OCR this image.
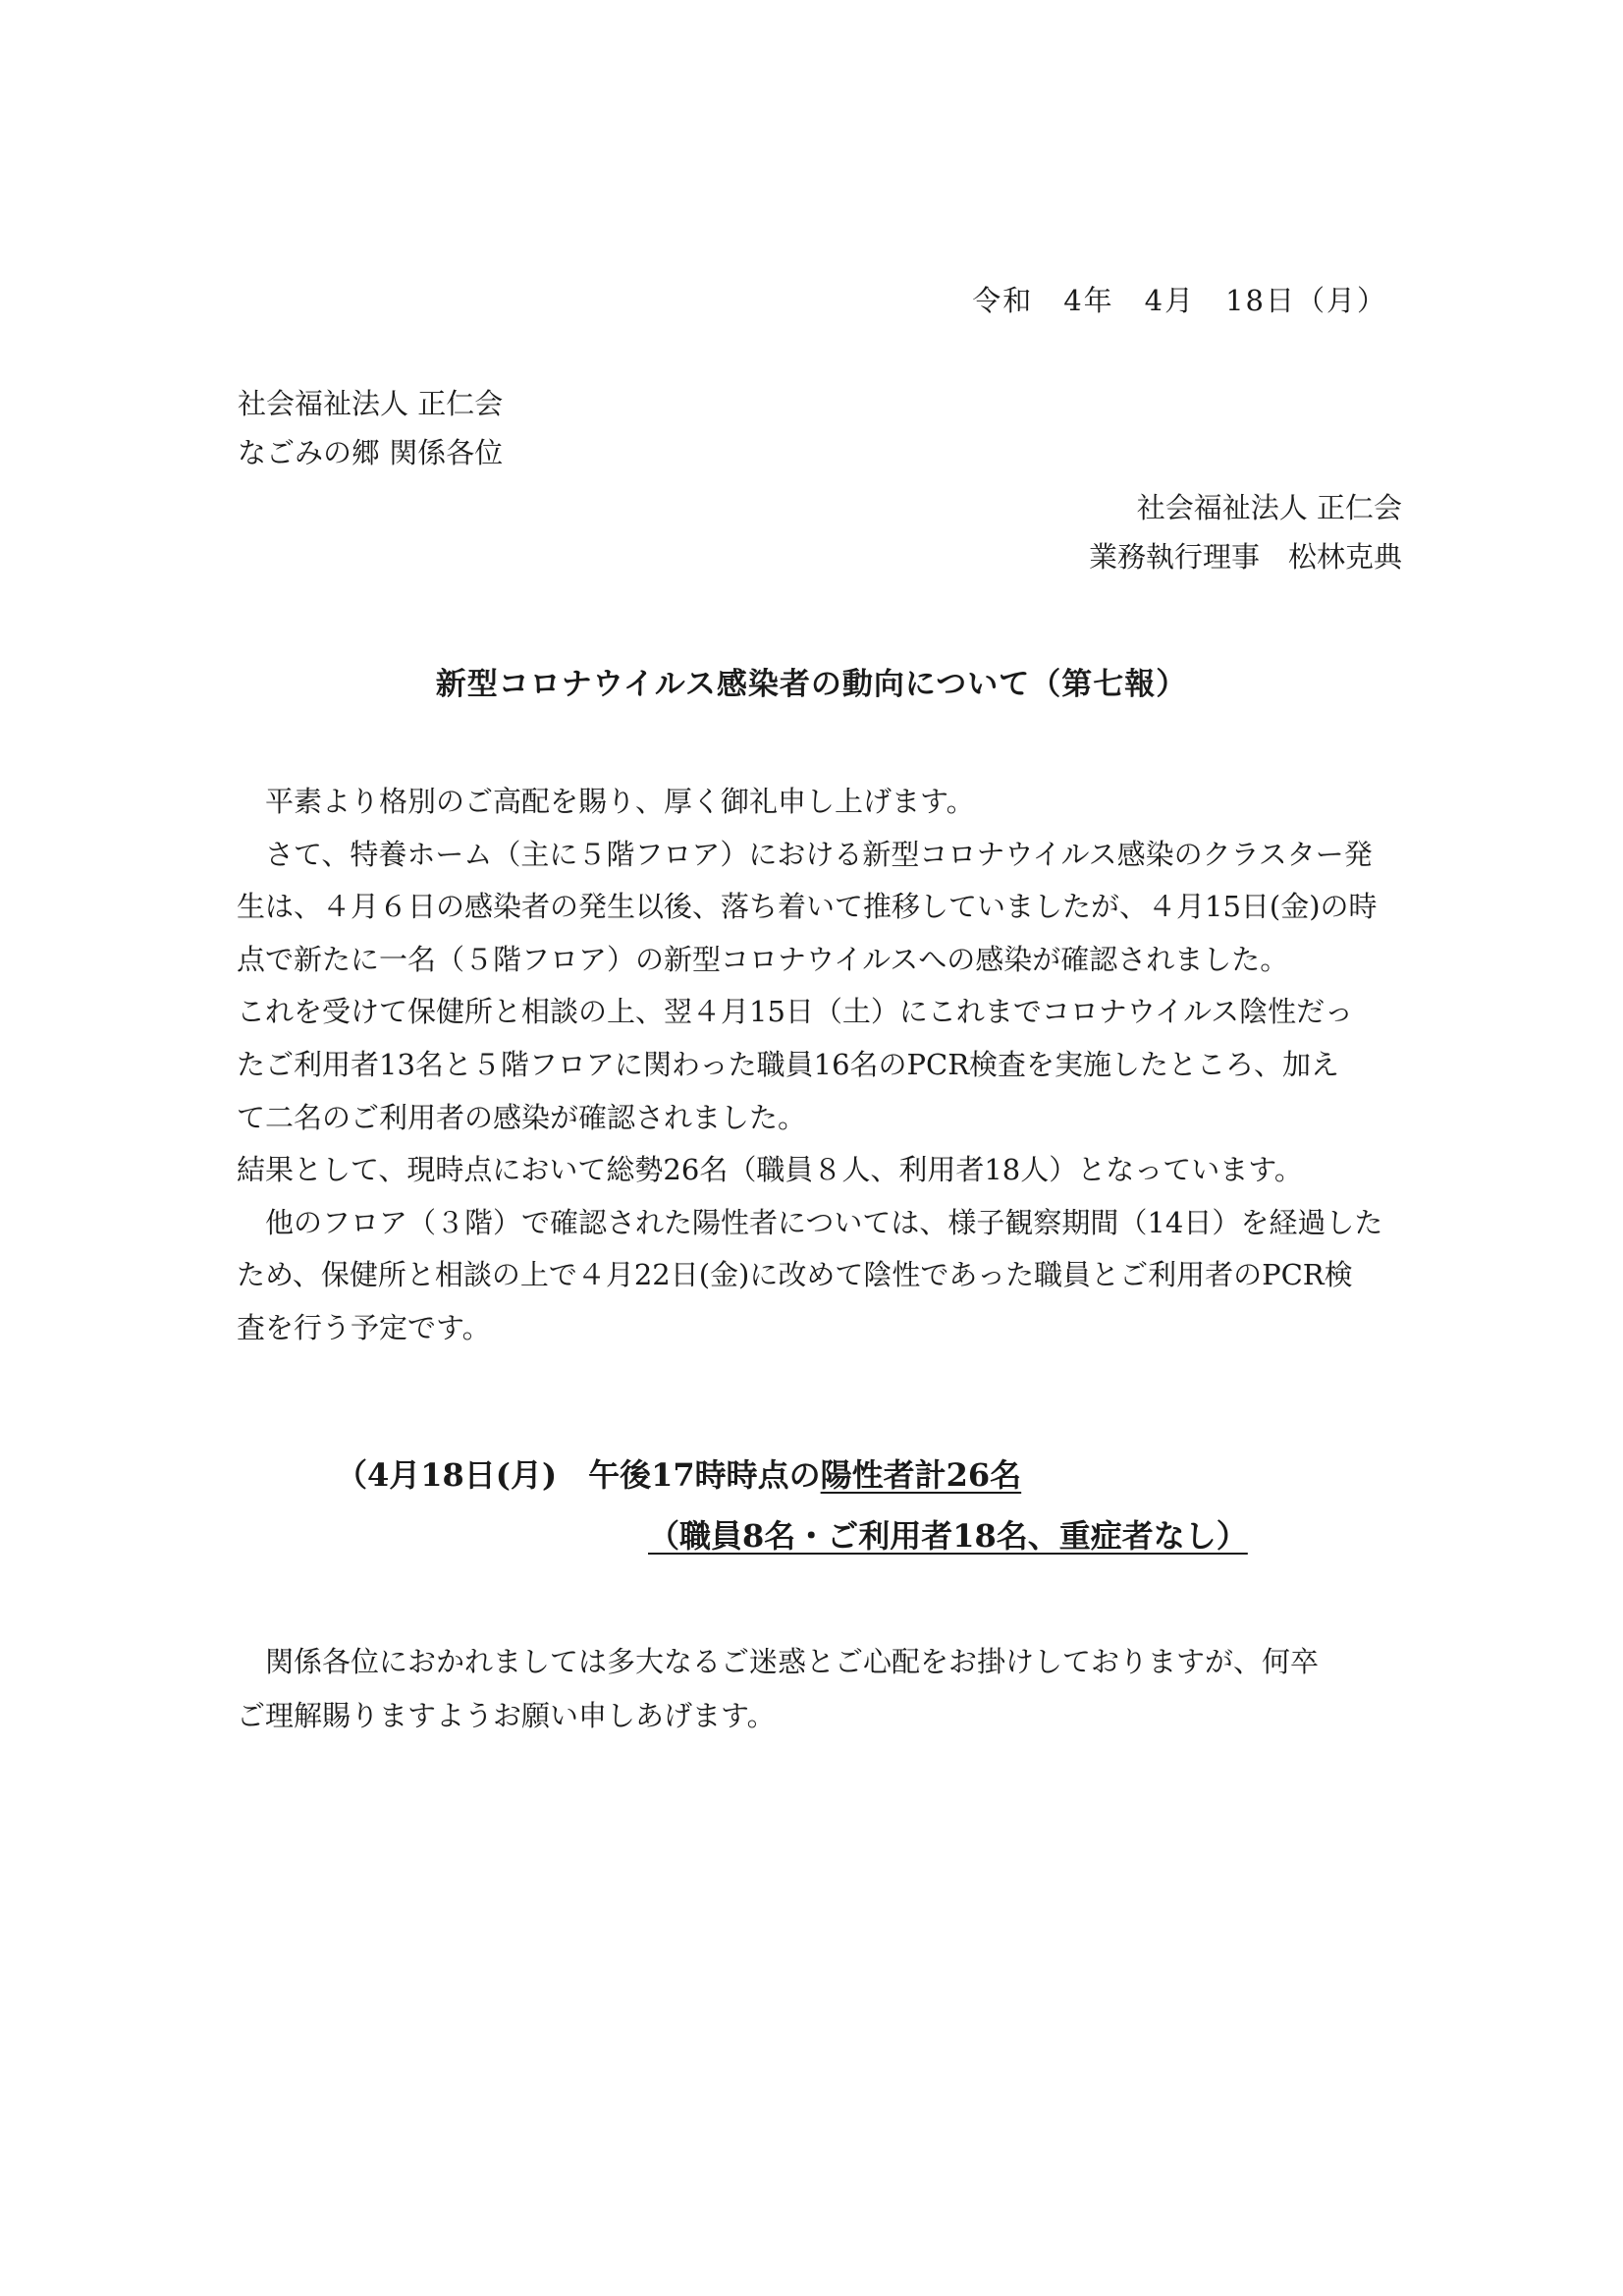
令和　4年　4月　18日（月）
社会福祉法人 正仁会
なごみの郷 関係各位
社会福祉法人 正仁会
業務執行理事　松林克典
新型コロナウイルス感染者の動向について（第七報）

　平素より格別のご高配を賜り、厚く御礼申し上げます。

　さて、特養ホーム（主に５階フロア）における新型コロナウイルス感染のクラスター発

生は、４月６日の感染者の発生以後、落ち着いて推移していましたが、４月15日(金)の時

点で新たに一名（５階フロア）の新型コロナウイルスへの感染が確認されました。

これを受けて保健所と相談の上、翌４月15日（土）にこれまでコロナウイルス陰性だっ

たご利用者13名と５階フロアに関わった職員16名のPCR検査を実施したところ、加え

て二名のご利用者の感染が確認されました。

結果として、現時点において総勢26名（職員８人、利用者18人）となっています。

　他のフロア（３階）で確認された陽性者については、様子観察期間（14日）を経過した

ため、保健所と相談の上で４月22日(金)に改めて陰性であった職員とご利用者のPCR検

査を行う予定です。

（4月18日(月)　午後17時時点の陽性者計26名
（職員8名・ご利用者18名、重症者なし）

　関係各位におかれましては多大なるご迷惑とご心配をお掛けしておりますが、何卒

ご理解賜りますようお願い申しあげます。
